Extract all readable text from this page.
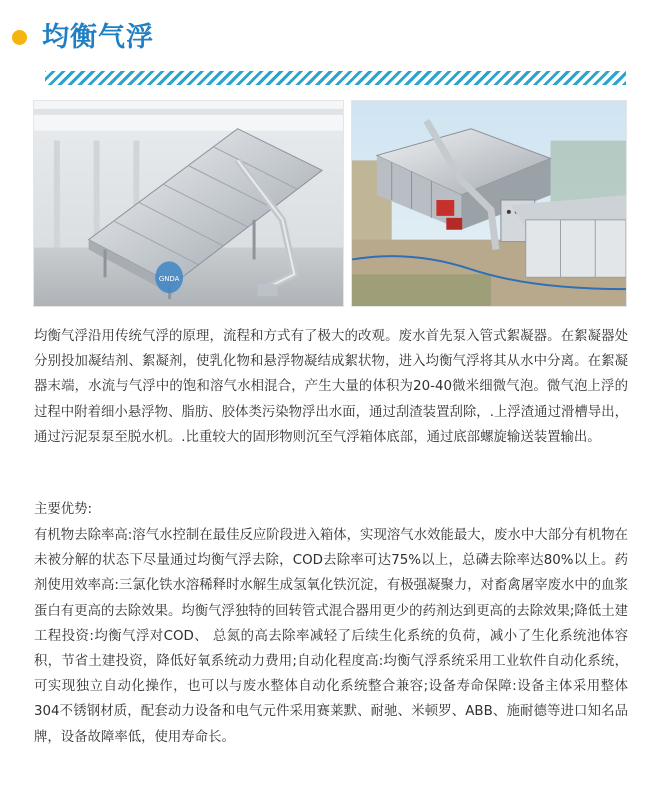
均衡气浮
GNDA
均衡气浮沿用传统气浮的原理，流程和方式有了极大的改观。废水首先泵入管式絮凝器。在絮凝器处分别投加凝结剂、絮凝剂，使乳化物和悬浮物凝结成絮状物，进入均衡气浮将其从水中分离。在絮凝器末端，水流与气浮中的饱和溶气水相混合，产生大量的体积为20-40微米细微气泡。微气泡上浮的过程中附着细小悬浮物、脂肪、胶体类污染物浮出水面，通过刮渣装置刮除，.上浮渣通过滑槽导出，通过污泥泵泵至脱水机。.比重较大的固形物则沉至气浮箱体底部，通过底部螺旋输送装置输出。
主要优势:
有机物去除率高:溶气水控制在最佳反应阶段进入箱体，实现溶气水效能最大，废水中大部分有机物在未被分解的状态下尽量通过均衡气浮去除，COD去除率可达75%以上，总磷去除率达80%以上。药剂使用效率高:三氯化铁水溶稀释时水解生成氢氧化铁沉淀，有极强凝聚力，对畜禽屠宰废水中的血浆蛋白有更高的去除效果。均衡气浮独特的回转管式混合器用更少的药剂达到更高的去除效果;降低土建工程投资:均衡气浮对COD、 总氮的高去除率减轻了后续生化系统的负荷，减小了生化系统池体容积，节省土建投资，降低好氧系统动力费用;自动化程度高:均衡气浮系统采用工业软件自动化系统，可实现独立自动化操作，也可以与废水整体自动化系统整合兼容;设备寿命保障:设备主体采用整体304不锈钢材质，配套动力设备和电气元件采用赛莱默、耐驰、米顿罗、ABB、施耐德等进口知名品牌，设备故障率低，使用寿命长。
